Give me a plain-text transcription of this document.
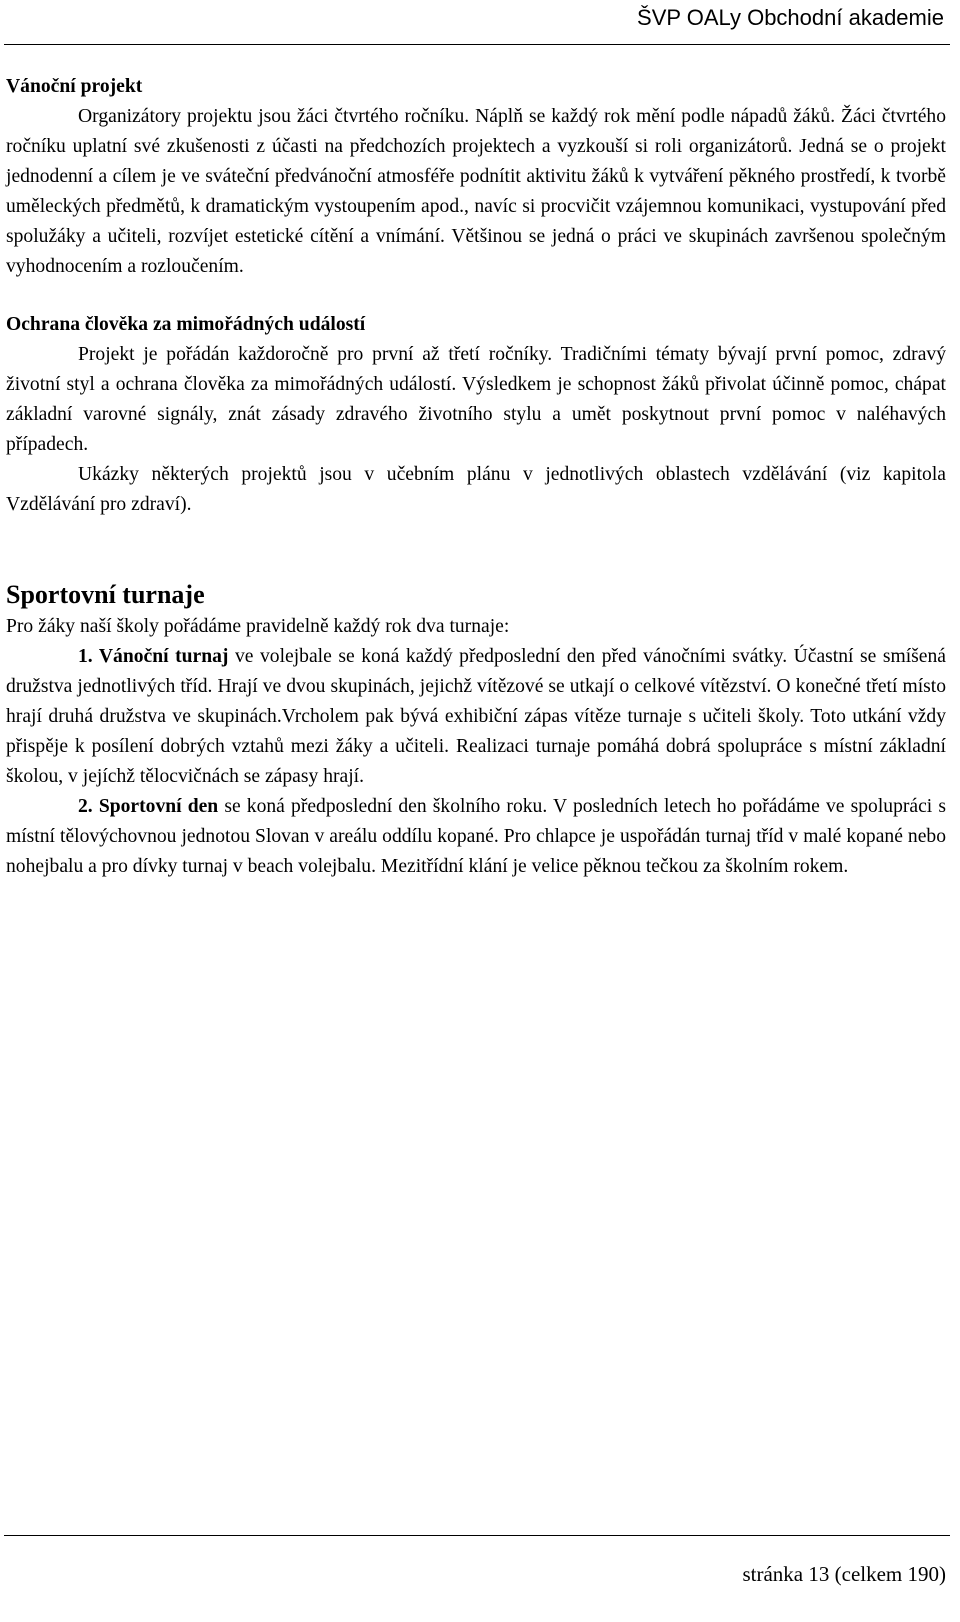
ŠVP OALy Obchodní akademie

Vánoční projekt

Organizátory projektu jsou žáci čtvrtého ročníku. Náplň se každý rok mění podle nápadů žáků. Žáci čtvrtého ročníku uplatní své zkušenosti z účasti na předchozích projektech a vyzkouší si roli organizátorů. Jedná se o projekt jednodenní a cílem je ve sváteční předvánoční atmosféře podnítit aktivitu žáků k vytváření pěkného prostředí, k tvorbě uměleckých předmětů, k dramatickým vystoupením apod., navíc si procvičit vzájemnou komunikaci, vystupování před spolužáky a učiteli, rozvíjet estetické cítění a vnímání. Většinou se jedná o práci ve skupinách završenou společným vyhodnocením a rozloučením.

Ochrana člověka za mimořádných událostí

Projekt je pořádán každoročně pro první až třetí ročníky. Tradičními tématy bývají první pomoc, zdravý životní styl a ochrana člověka za mimořádných událostí. Výsledkem je schopnost žáků přivolat účinně pomoc, chápat základní varovné signály, znát zásady zdravého životního stylu a umět poskytnout první pomoc v naléhavých případech.

Ukázky některých projektů jsou v učebním plánu v jednotlivých oblastech vzdělávání (viz kapitola Vzdělávání pro zdraví).

Sportovní turnaje

Pro žáky naší školy pořádáme pravidelně každý rok dva turnaje:

1. Vánoční turnaj ve volejbale se koná každý předposlední den před vánočními svátky. Účastní se smíšená družstva jednotlivých tříd. Hrají ve dvou skupinách, jejichž vítězové se utkají o celkové vítězství. O konečné třetí místo hrají druhá družstva ve skupinách.Vrcholem pak bývá exhibiční zápas vítěze turnaje s učiteli školy. Toto utkání vždy přispěje k posílení dobrých vztahů mezi žáky a učiteli. Realizaci turnaje pomáhá dobrá spolupráce s místní základní školou, v jejíchž tělocvičnách se zápasy hrají.

2. Sportovní den se koná předposlední den školního roku. V posledních letech ho pořádáme ve spolupráci s místní tělovýchovnou jednotou Slovan v areálu oddílu kopané. Pro chlapce je uspořádán turnaj tříd v malé kopané nebo nohejbalu a pro dívky turnaj v beach volejbalu. Mezitřídní klání je velice pěknou tečkou za školním rokem.

stránka 13 (celkem 190)
